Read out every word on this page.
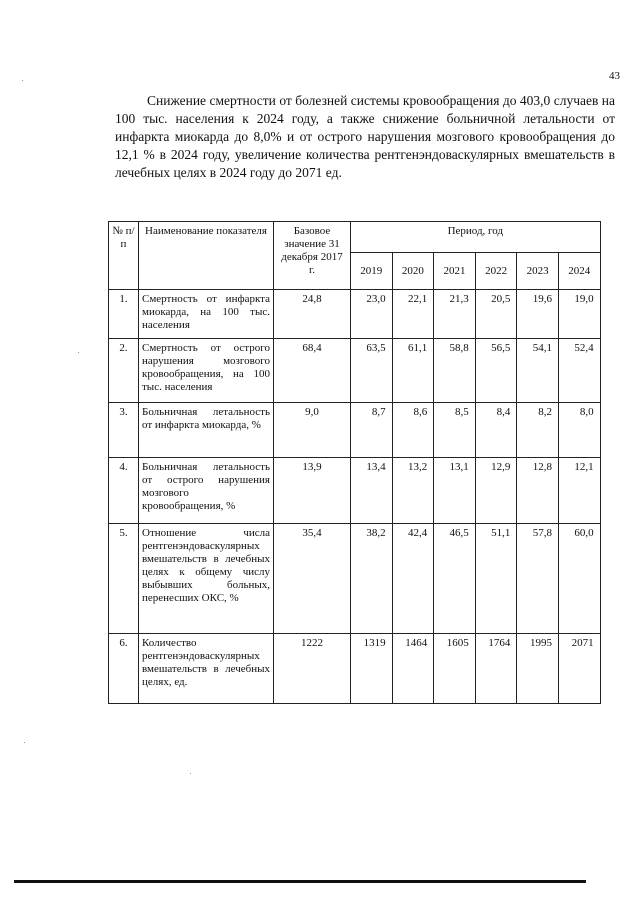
43

Снижение смертности от болезней системы кровообращения до 403,0 случаев на 100 тыс. населения к 2024 году, а также снижение больничной летальности от инфаркта миокарда до 8,0% и от острого нарушения мозгового кровообращения до 12,1 % в 2024 году, увеличение количества рентгенэндоваскулярных вмешательств в лечебных целях в 2024 году до 2071 ед.

№ п/п	Наименование показателя	Базовое значение 31 декабря 2017 г.	Период, год					
			2019	2020	2021	2022	2023	2024
1.	Смертность от инфаркта миокарда, на 100 тыс. населения	24,8	23,0	22,1	21,3	20,5	19,6	19,0
2.	Смертность от острого нарушения мозгового кровообращения, на 100 тыс. населения	68,4	63,5	61,1	58,8	56,5	54,1	52,4
3.	Больничная летальность от инфаркта миокарда, %	9,0	8,7	8,6	8,5	8,4	8,2	8,0
4.	Больничная летальность от острого нарушения мозгового кровообращения, %	13,9	13,4	13,2	13,1	12,9	12,8	12,1
5.	Отношение числа рентгенэндоваскулярных вмешательств в лечебных целях к общему числу выбывших больных, перенесших ОКС, %	35,4	38,2	42,4	46,5	51,1	57,8	60,0
6.	Количество рентгенэндоваскулярных вмешательств в лечебных целях, ед.	1222	1319	1464	1605	1764	1995	2071
